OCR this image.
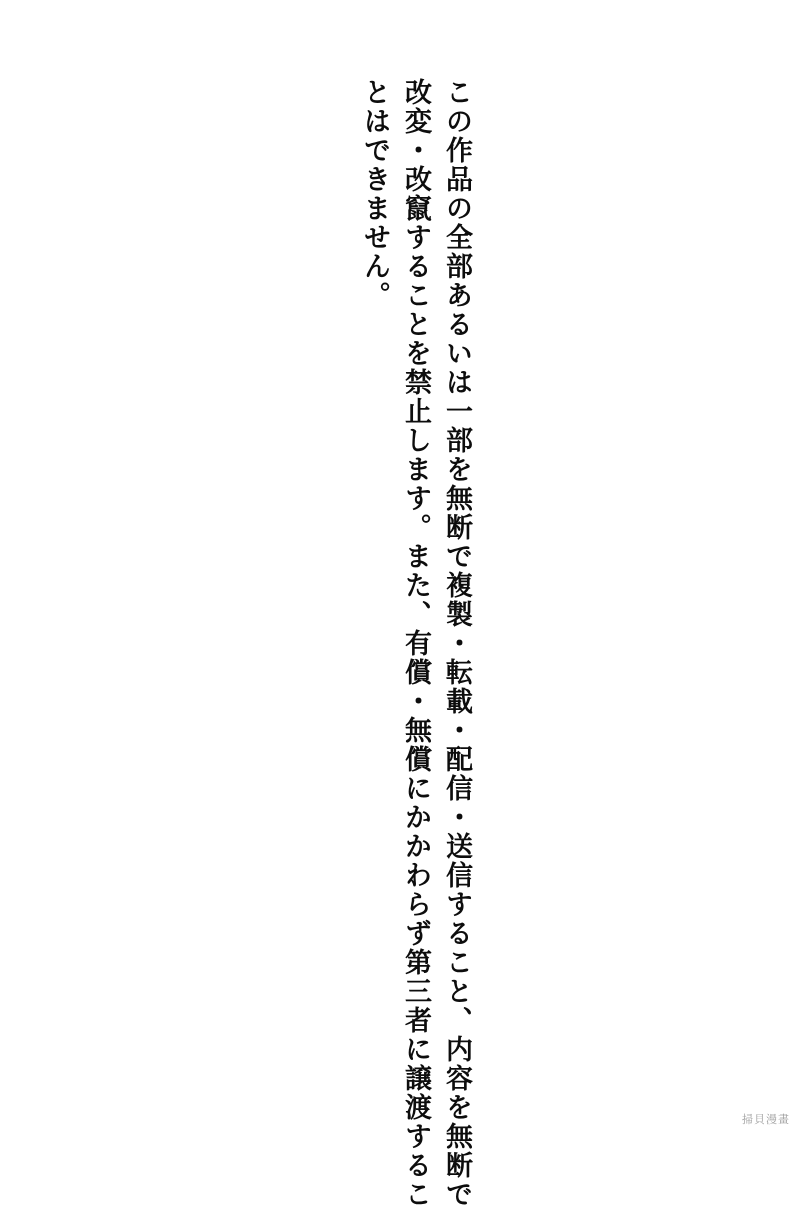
この作品の全部あるいは一部を無断で複製・転載・配信・送信すること、内容を無断で
改変・改竄することを禁止します。また、有償・無償にかかわらず第三者に譲渡するこ
とはできません。
掃貝漫畫
